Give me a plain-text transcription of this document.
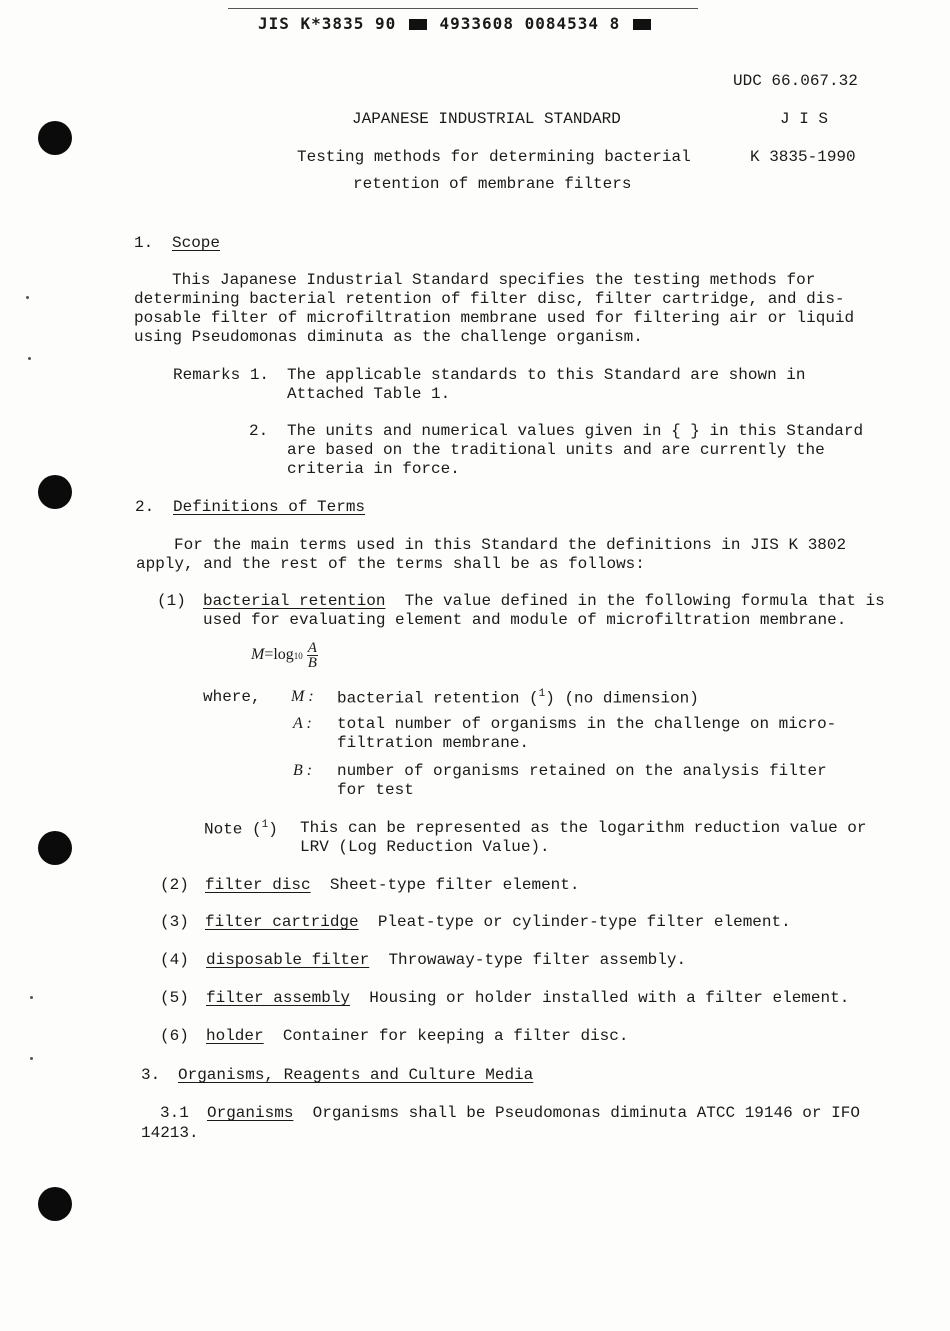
JIS K*3835 90	4933608 0084534 8
UDC 66.067.32
JAPANESE INDUSTRIAL STANDARD	J I S
Testing methods for determining bacterial	K 3835-1990
retention of membrane filters
1. Scope
This Japanese Industrial Standard specifies the testing methods for determining bacterial retention of filter disc, filter cartridge, and dis-posable filter of microfiltration membrane used for filtering air or liquid using Pseudomonas diminuta as the challenge organism.
Remarks 1. The applicable standards to this Standard are shown in Attached Table 1.
2. The units and numerical values given in { } in this Standard are based on the traditional units and are currently the criteria in force.
2. Definitions of Terms
For the main terms used in this Standard the definitions in JIS K 3802 apply, and the rest of the terms shall be as follows:
(1) bacterial retention The value defined in the following formula that is used for evaluating element and module of microfiltration membrane.
$M=\log 10 \frac{A}{B}$
where, M : bacterial retention ($^1$) (no dimension)
A : total number of organisms in the challenge on micro-filtration membrane.
B : number of organisms retained on the analysis filter for test
Note ($^1$) This can be represented as the logarithm reduction value or LRV (Log Reduction Value).
(2) filter disc Sheet-type filter element.
(3) filter cartridge Pleat-type or cylinder-type filter element.
(4) disposable filter Throwaway-type filter assembly.
(5) filter assembly Housing or holder installed with a filter element.
(6) holder Container for keeping a filter disc.
3. Organisms, Reagents and Culture Media
3.1 Organisms Organisms shall be Pseudomonas diminuta ATCC 19146 or IFO
14213.
